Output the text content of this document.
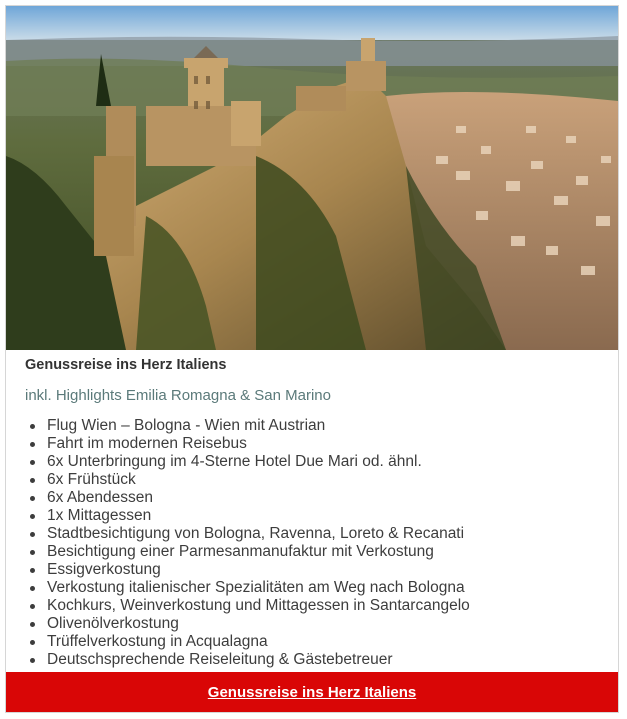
Genussreise ins Herz Italiens

inkl. Highlights Emilia Romagna & San Marino

Flug Wien – Bologna - Wien mit Austrian
Fahrt im modernen Reisebus
6x Unterbringung im 4-Sterne Hotel Due Mari od. ähnl.
6x Frühstück
6x Abendessen
1x Mittagessen
Stadtbesichtigung von Bologna, Ravenna, Loreto & Recanati
Besichtigung einer Parmesanmanufaktur mit Verkostung
Essigverkostung
Verkostung italienischer Spezialitäten am Weg nach Bologna
Kochkurs, Weinverkostung und Mittagessen in Santarcangelo
Olivenölverkostung
Trüffelverkostung in Acqualagna
Deutschsprechende Reiseleitung & Gästebetreuer
Genussreise ins Herz Italiens
